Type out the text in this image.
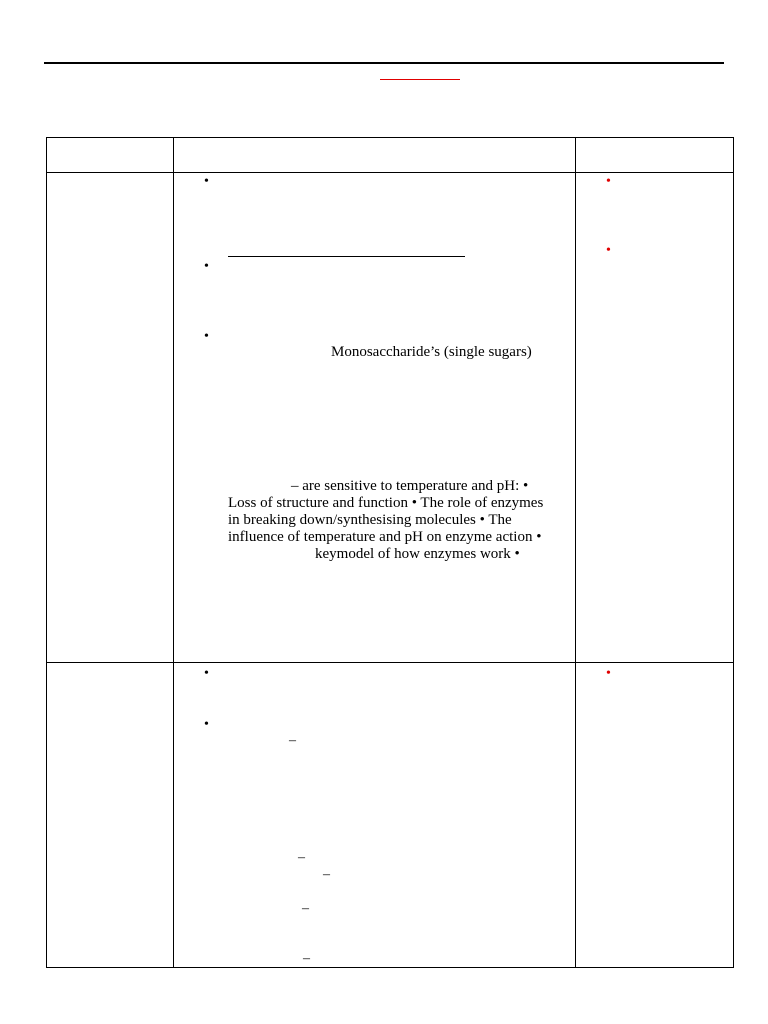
•
•
•
Monosaccharide’s (single sugars)
– are sensitive to temperature and pH: •
Loss of structure and function • The role of enzymes
in breaking down/synthesising molecules • The
influence of temperature and pH on enzyme action •
keymodel of how enzymes work •
•
•
•
•
–
–
–
–
–
•
